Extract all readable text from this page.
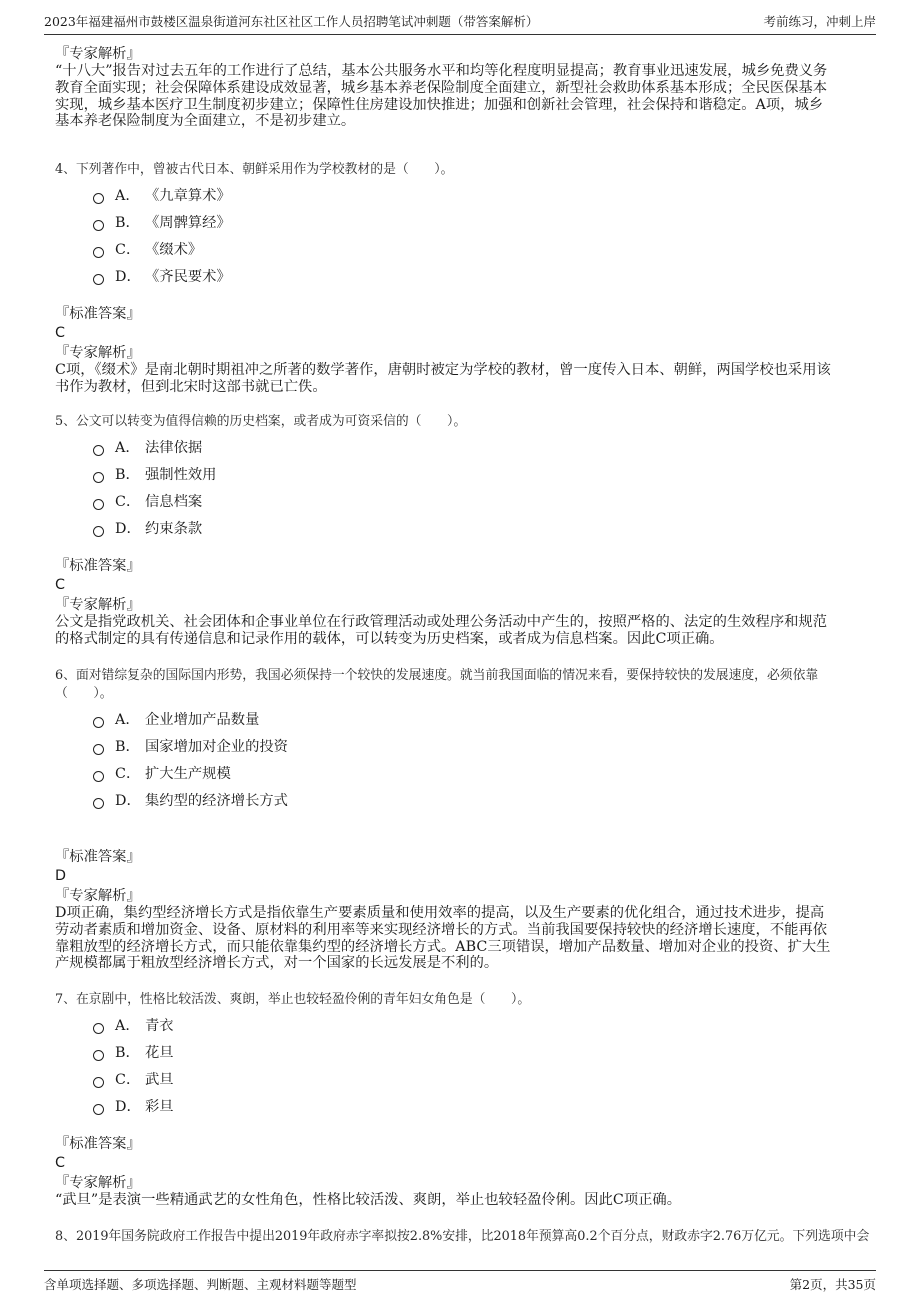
2023年福建福州市鼓楼区温泉街道河东社区社区工作人员招聘笔试冲刺题（带答案解析）	考前练习，冲刺上岸
『专家解析』
“十八大”报告对过去五年的工作进行了总结，基本公共服务水平和均等化程度明显提高；教育事业迅速发展，城乡免费义务
教育全面实现；社会保障体系建设成效显著，城乡基本养老保险制度全面建立，新型社会救助体系基本形成；全民医保基本
实现，城乡基本医疗卫生制度初步建立；保障性住房建设加快推进；加强和创新社会管理，社会保持和谐稳定。A项，城乡
基本养老保险制度为全面建立，不是初步建立。
4、下列著作中，曾被古代日本、朝鲜采用作为学校教材的是（　　）。
A． 《九章算术》
B． 《周髀算经》
C． 《缀术》
D． 《齐民要术》
『标准答案』
C
『专家解析』
C项，《缀术》是南北朝时期祖冲之所著的数学著作，唐朝时被定为学校的教材，曾一度传入日本、朝鲜，两国学校也采用该
书作为教材，但到北宋时这部书就已亡佚。
5、公文可以转变为值得信赖的历史档案，或者成为可资采信的（　　）。
A． 法律依据
B． 强制性效用
C． 信息档案
D． 约束条款
『标准答案』
C
『专家解析』
公文是指党政机关、社会团体和企事业单位在行政管理活动或处理公务活动中产生的，按照严格的、法定的生效程序和规范
的格式制定的具有传递信息和记录作用的载体，可以转变为历史档案，或者成为信息档案。因此C项正确。
6、面对错综复杂的国际国内形势，我国必须保持一个较快的发展速度。就当前我国面临的情况来看，要保持较快的发展速度，必须依靠（　　）。
A． 企业增加产品数量
B． 国家增加对企业的投资
C． 扩大生产规模
D． 集约型的经济增长方式
『标准答案』
D
『专家解析』
D项正确，集约型经济增长方式是指依靠生产要素质量和使用效率的提高，以及生产要素的优化组合，通过技术进步，提高
劳动者素质和增加资金、设备、原材料的利用率等来实现经济增长的方式。当前我国要保持较快的经济增长速度，不能再依
靠粗放型的经济增长方式，而只能依靠集约型的经济增长方式。ABC三项错误，增加产品数量、增加对企业的投资、扩大生
产规模都属于粗放型经济增长方式，对一个国家的长远发展是不利的。
7、在京剧中，性格比较活泼、爽朗，举止也较轻盈伶俐的青年妇女角色是（　　）。
A． 青衣
B． 花旦
C． 武旦
D． 彩旦
『标准答案』
C
『专家解析』
“武旦”是表演一些精通武艺的女性角色，性格比较活泼、爽朗，举止也较轻盈伶俐。因此C项正确。
8、2019年国务院政府工作报告中提出2019年政府赤字率拟按2.8%安排，比2018年预算高0.2个百分点，财政赤字2.76万亿元。下列选项中会
含单项选择题、多项选择题、判断题、主观材料题等题型	第2页，共35页
